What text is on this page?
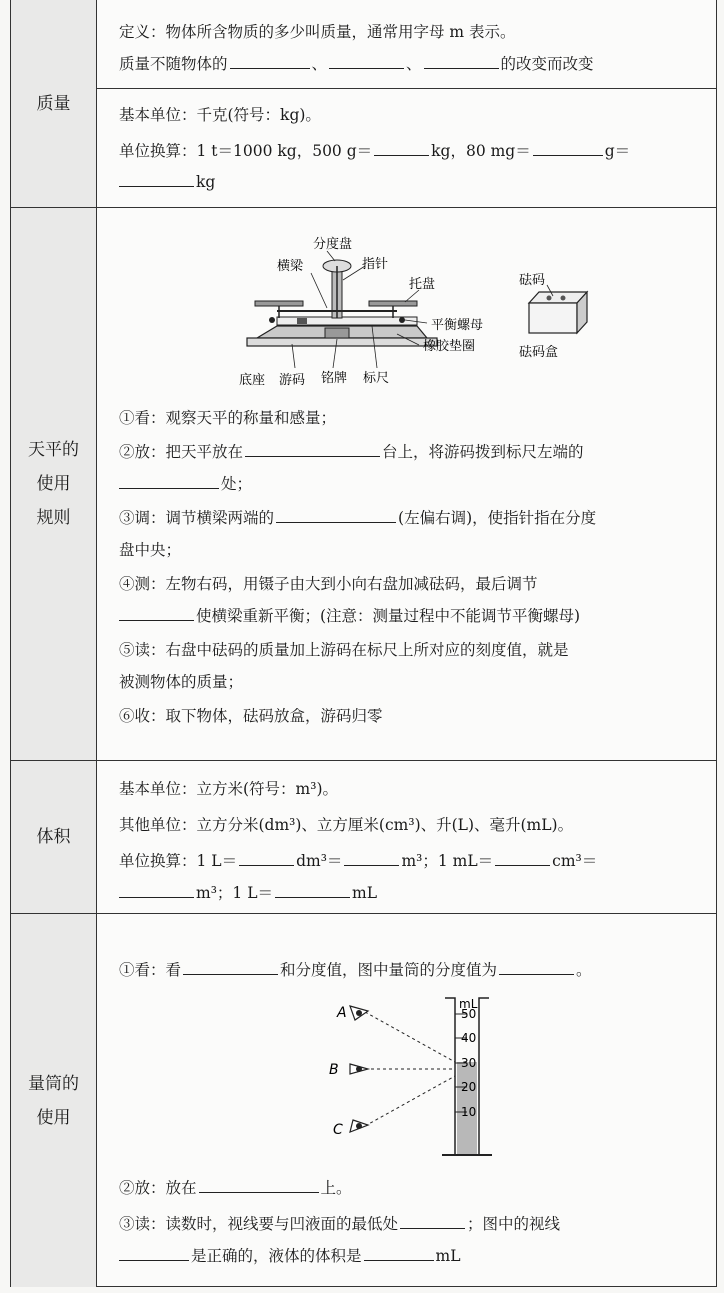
质量
定义：物体所含物质的多少叫质量，通常用字母 m 表示。
质量不随物体的	、	、	的改变而改变
基本单位：千克(符号：kg)。
单位换算：1 t＝1000 kg，500 g＝	kg，80 mg＝	g＝
kg
天平的
使用
规则
分度盘
横梁	指针
托盘	砝码
平衡螺母
橡胶垫圈	砝码盒
底座 游码 铭牌 标尺
①看：观察天平的称量和感量；
②放：把天平放在	台上，将游码拨到标尺左端的
处；
③调：调节横梁两端的	(左偏右调)，使指针指在分度
盘中央；
④测：左物右码，用镊子由大到小向右盘加减砝码，最后调节
使横梁重新平衡；(注意：测量过程中不能调节平衡螺母)
⑤读：右盘中砝码的质量加上游码在标尺上所对应的刻度值，就是
被测物体的质量；
⑥收：取下物体，砝码放盒，游码归零
体积
基本单位：立方米(符号：m³)。
其他单位：立方分米(dm³)、立方厘米(cm³)、升(L)、毫升(mL)。
单位换算：1 L＝	dm³＝	m³；1 mL＝	cm³＝
m³；1 L＝	mL
量筒的
使用
①看：看	和分度值，图中量筒的分度值为	。
mL
50
40
30
20
10
A
B
C
②放：放在	上。
③读：读数时，视线要与凹液面的最低处	；图中的视线
是正确的，液体的体积是	mL
